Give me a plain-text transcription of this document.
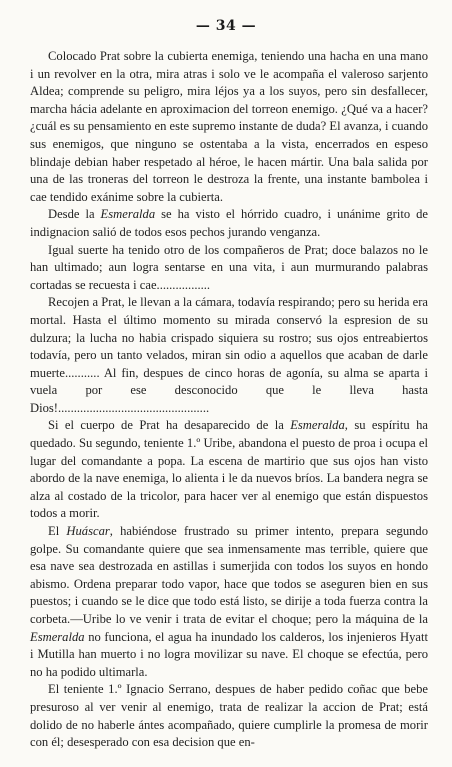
— 34 —

Colocado Prat sobre la cubierta enemiga, teniendo una hacha en una mano i un revolver en la otra, mira atras i solo ve le acompaña el valeroso sarjento Aldea; comprende su peligro, mira léjos ya a los suyos, pero sin desfallecer, marcha hácia adelante en aproximacion del torreon enemigo. ¿Qué va a hacer? ¿cuál es su pensamiento en este supremo instante de duda? El avanza, i cuando sus enemigos, que ninguno se ostentaba a la vista, encerrados en espeso blindaje debian haber respetado al héroe, le hacen mártir. Una bala salida por una de las troneras del torreon le destroza la frente, una instante bambolea i cae tendido exánime sobre la cubierta.

Desde la Esmeralda se ha visto el hórrido cuadro, i unánime grito de indignacion salió de todos esos pechos jurando venganza.

Igual suerte ha tenido otro de los compañeros de Prat; doce balazos no le han ultimado; aun logra sentarse en una vita, i aun murmurando palabras cortadas se recuesta i cae.................

Recojen a Prat, le llevan a la cámara, todavía respirando; pero su herida era mortal. Hasta el último momento su mirada conservó la espresion de su dulzura; la lucha no habia crispado siquiera su rostro; sus ojos entreabiertos todavía, pero un tanto velados, miran sin odio a aquellos que acaban de darle muerte........... Al fin, despues de cinco horas de agonía, su alma se aparta i vuela por ese desconocido que le lleva hasta Dios!................................................

Si el cuerpo de Prat ha desaparecido de la Esmeralda, su espíritu ha quedado. Su segundo, teniente 1.º Uribe, abandona el puesto de proa i ocupa el lugar del comandante a popa. La escena de martirio que sus ojos han visto abordo de la nave enemiga, lo alienta i le da nuevos bríos. La bandera negra se alza al costado de la tricolor, para hacer ver al enemigo que están dispuestos todos a morir.

El Huáscar, habiéndose frustrado su primer intento, prepara segundo golpe. Su comandante quiere que sea inmensamente mas terrible, quiere que esa nave sea destrozada en astillas i sumerjida con todos los suyos en hondo abismo. Ordena preparar todo vapor, hace que todos se aseguren bien en sus puestos; i cuando se le dice que todo está listo, se dirije a toda fuerza contra la corbeta.—Uribe lo ve venir i trata de evitar el choque; pero la máquina de la Esmeralda no funciona, el agua ha inundado los calderos, los injenieros Hyatt i Mutilla han muerto i no logra movilizar su nave. El choque se efectúa, pero no ha podido ultimarla.

El teniente 1.º Ignacio Serrano, despues de haber pedido coñac que bebe presuroso al ver venir al enemigo, trata de realizar la accion de Prat; está dolido de no haberle ántes acompañado, quiere cumplirle la promesa de morir con él; desesperado con esa decision que en-
